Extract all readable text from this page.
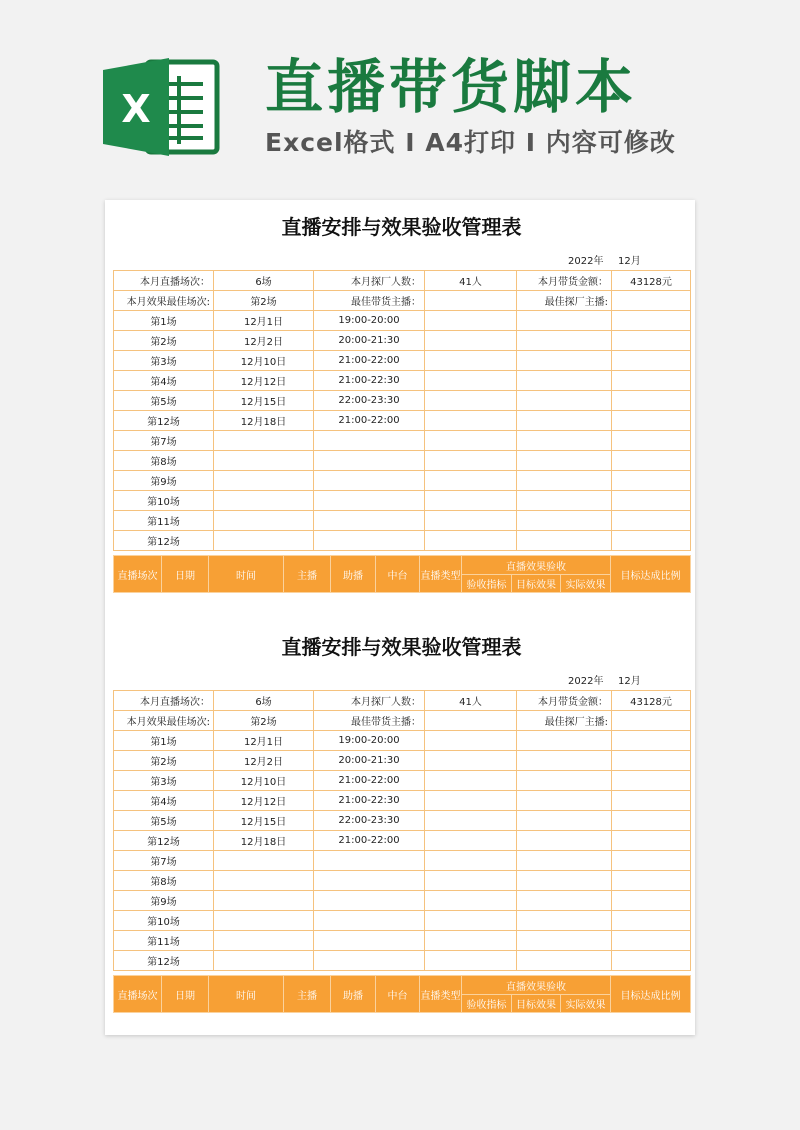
X 直播带货脚本
Excel格式 Ⅰ A4打印 Ⅰ 内容可修改
直播安排与效果验收管理表
2022年 12月
本月直播场次：	6场	本月探厂人数：	41人	本月带货金额：	43128元	
本月效果最佳场次:	第2场	最佳带货主播：		最佳探厂主播:		
第1场	12月1日	19:00-20:00								
第2场	12月2日	20:00-21:30								
第3场	12月10日	21:00-22:00								
第4场	12月12日	21:00-22:30								
第5场	12月15日	22:00-23:30								
第12场	12月18日	21:00-22:00								
第7场										
第8场										
第9场										
第10场										
第11场										
第12场										
直播场次	日期	时间	主播	助播	中台	直播类型	直播效果验收			目标达成比例
							验收指标	目标效果	实际效果	
直播安排与效果验收管理表
2022年 12月
本月直播场次：	6场	本月探厂人数：	41人	本月带货金额：	43128元	
本月效果最佳场次:	第2场	最佳带货主播：		最佳探厂主播:		
第1场	12月1日	19:00-20:00								
第2场	12月2日	20:00-21:30								
第3场	12月10日	21:00-22:00								
第4场	12月12日	21:00-22:30								
第5场	12月15日	22:00-23:30								
第12场	12月18日	21:00-22:00								
第7场										
第8场										
第9场										
第10场										
第11场										
第12场										
直播场次	日期	时间	主播	助播	中台	直播类型	直播效果验收			目标达成比例
							验收指标	目标效果	实际效果	
